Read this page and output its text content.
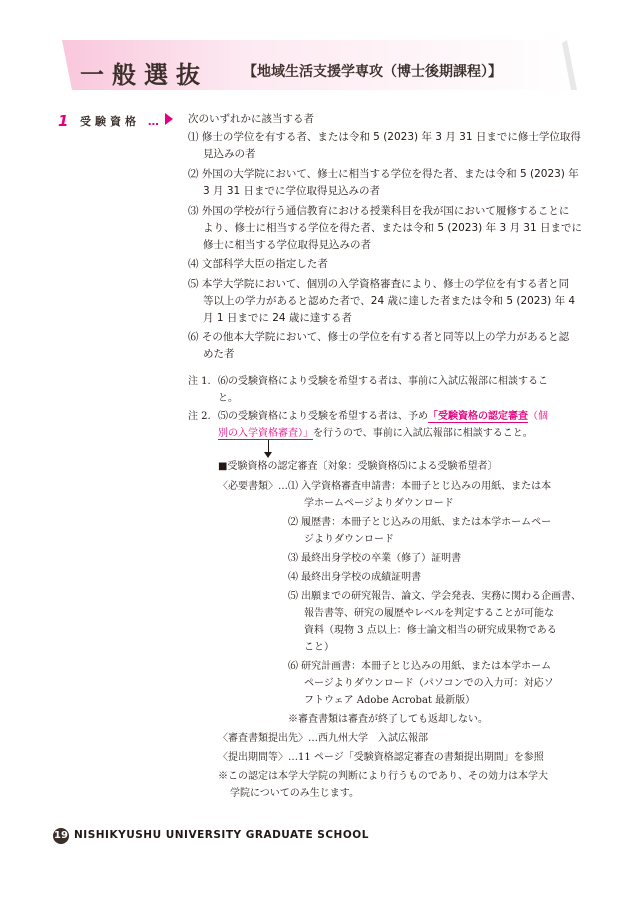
一般選抜	【地域生活支援学専攻（博士後期課程）】
1 受験資格 …	次のいずれかに該当する者
⑴ 修士の学位を有する者、または令和 5 (2023) 年 3 月 31 日までに修士学位取得
見込みの者
⑵ 外国の大学院において、修士に相当する学位を得た者、または令和 5 (2023) 年
3 月 31 日までに学位取得見込みの者
⑶ 外国の学校が行う通信教育における授業科目を我が国において履修することに
より、修士に相当する学位を得た者、または令和 5 (2023) 年 3 月 31 日までに
修士に相当する学位取得見込みの者
⑷ 文部科学大臣の指定した者
⑸ 本学大学院において、個別の入学資格審査により、修士の学位を有する者と同
等以上の学力があると認めた者で、24 歳に達した者または令和 5 (2023) 年 4
月 1 日までに 24 歳に達する者
⑹ その他本大学院において、修士の学位を有する者と同等以上の学力があると認
めた者
注 1. ⑹の受験資格により受験を希望する者は、事前に入試広報部に相談するこ
と。
注 2. ⑸の受験資格により受験を希望する者は、予め「受験資格の認定審査（個
別の入学資格審査）」を行うので、事前に入試広報部に相談すること。
■受験資格の認定審査〔対象：受験資格⑸による受験希望者〕
〈必要書類〉… ⑴ 入学資格審査申請書：本冊子とじ込みの用紙、または本
学ホームページよりダウンロード
⑵ 履歴書：本冊子とじ込みの用紙、または本学ホームペー
ジよりダウンロード
⑶ 最終出身学校の卒業（修了）証明書
⑷ 最終出身学校の成績証明書
⑸ 出願までの研究報告、論文、学会発表、実務に関わる企画書、
報告書等、研究の履歴やレベルを判定することが可能な
資料（現物 3 点以上：修士論文相当の研究成果物である
こと）
⑹ 研究計画書：本冊子とじ込みの用紙、または本学ホーム
ページよりダウンロード（パソコンでの入力可：対応ソ
フトウェア Adobe Acrobat 最新版）
※審査書類は審査が終了しても返却しない。
〈審査書類提出先〉…西九州大学　入試広報部
〈提出期間等〉…11 ページ「受験資格認定審査の書類提出期間」を参照
※この認定は本学大学院の判断により行うものであり、その効力は本学大
学院についてのみ生じます。
19 NISHIKYUSHU UNIVERSITY GRADUATE SCHOOL
